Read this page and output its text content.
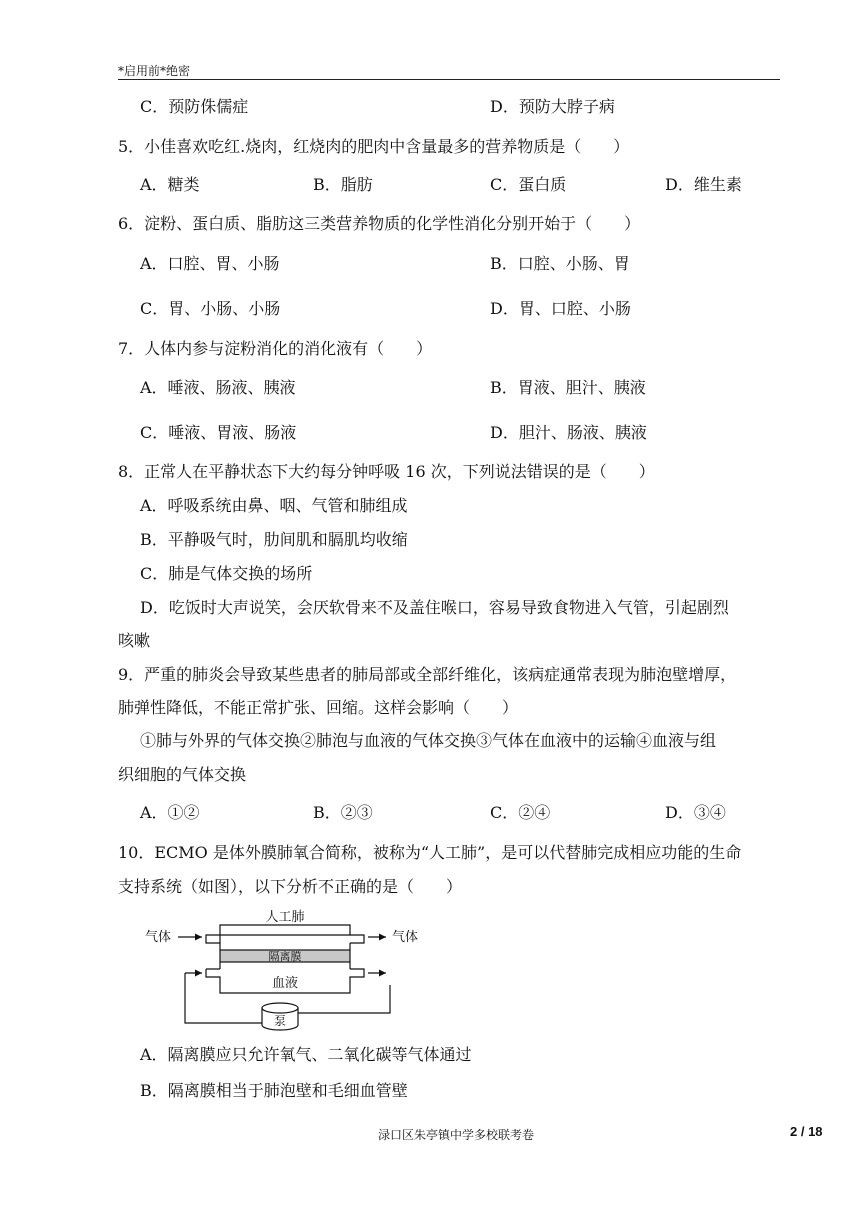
*启用前*绝密
C．预防侏儒症	D．预防大脖子病
5．小佳喜欢吃红.烧肉，红烧肉的肥肉中含量最多的营养物质是（　　）
A．糖类	B．脂肪	C．蛋白质	D．维生素
6．淀粉、蛋白质、脂肪这三类营养物质的化学性消化分别开始于（　　）
A．口腔、胃、小肠	B．口腔、小肠、胃
C．胃、小肠、小肠	D．胃、口腔、小肠
7．人体内参与淀粉消化的消化液有（　　）
A．唾液、肠液、胰液	B．胃液、胆汁、胰液
C．唾液、胃液、肠液	D．胆汁、肠液、胰液
8．正常人在平静状态下大约每分钟呼吸 16 次，下列说法错误的是（　　）
A．呼吸系统由鼻、咽、气管和肺组成
B．平静吸气时，肋间肌和膈肌均收缩
C．肺是气体交换的场所
D．吃饭时大声说笑，会厌软骨来不及盖住喉口，容易导致食物进入气管，引起剧烈
咳嗽
9．严重的肺炎会导致某些患者的肺局部或全部纤维化，该病症通常表现为肺泡壁增厚，
肺弹性降低，不能正常扩张、回缩。这样会影响（　　）
①肺与外界的气体交换②肺泡与血液的气体交换③气体在血液中的运输④血液与组
织细胞的气体交换
A．①②	B．②③	C．②④	D．③④
10．ECMO 是体外膜肺氧合简称，被称为“人工肺”，是可以代替肺完成相应功能的生命
支持系统（如图），以下分析不正确的是（　　）
人工肺
气体	气体
隔离膜
血液
泵
A．隔离膜应只允许氧气、二氧化碳等气体通过
B．隔离膜相当于肺泡壁和毛细血管壁
渌口区朱亭镇中学多校联考卷	2 / 18
